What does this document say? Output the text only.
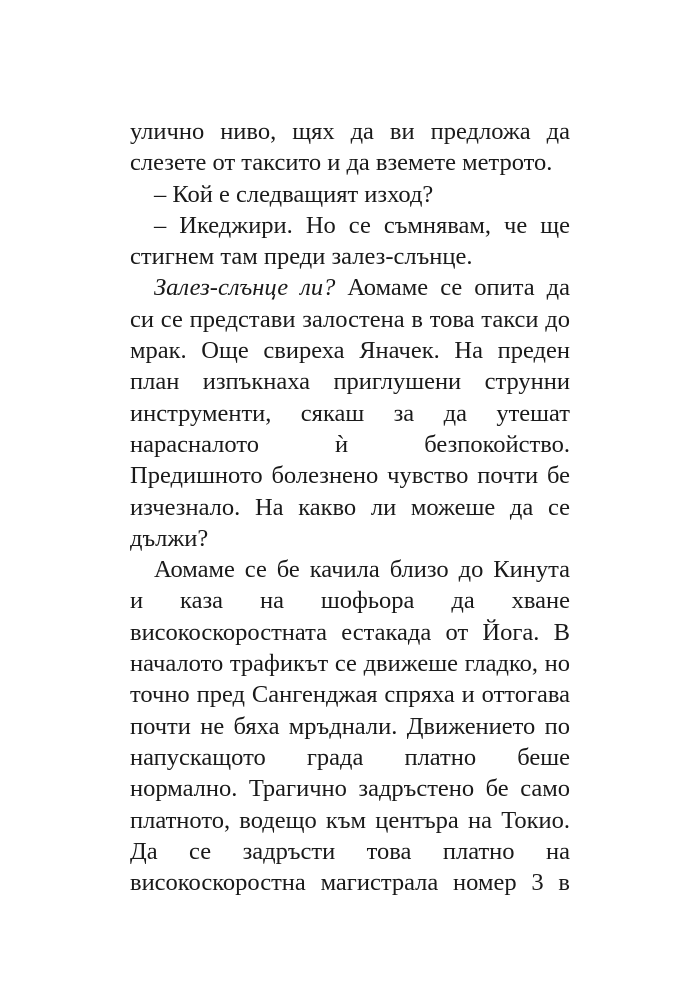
улично ниво, щях да ви предложа да
слезете от таксито и да вземете метрото.
– Кой е следващият изход?
– Икеджири. Но се съмнявам, че ще
стигнем там преди залез-слънце.
Залез-слънце ли? Аомаме се опита да
си се представи залостена в това такси до
мрак. Още свиреха Яначек. На преден
план изпъкнаха приглушени струнни
инструменти, сякаш за да утешат
нарасналото ѝ безпокойство.
Предишното болезнено чувство почти бе
изчезнало. На какво ли можеше да се
дължи?
Аомаме се бе качила близо до Кинута
и каза на шофьора да хване
високоскоростната естакада от Йога. В
началото трафикът се движеше гладко, но
точно пред Сангенджая спряха и оттогава
почти не бяха мръднали. Движението по
напускащото града платно беше
нормално. Трагично задръстено бе само
платното, водещо към центъра на Токио.
Да се задръсти това платно на
високоскоростна магистрала номер 3 в
